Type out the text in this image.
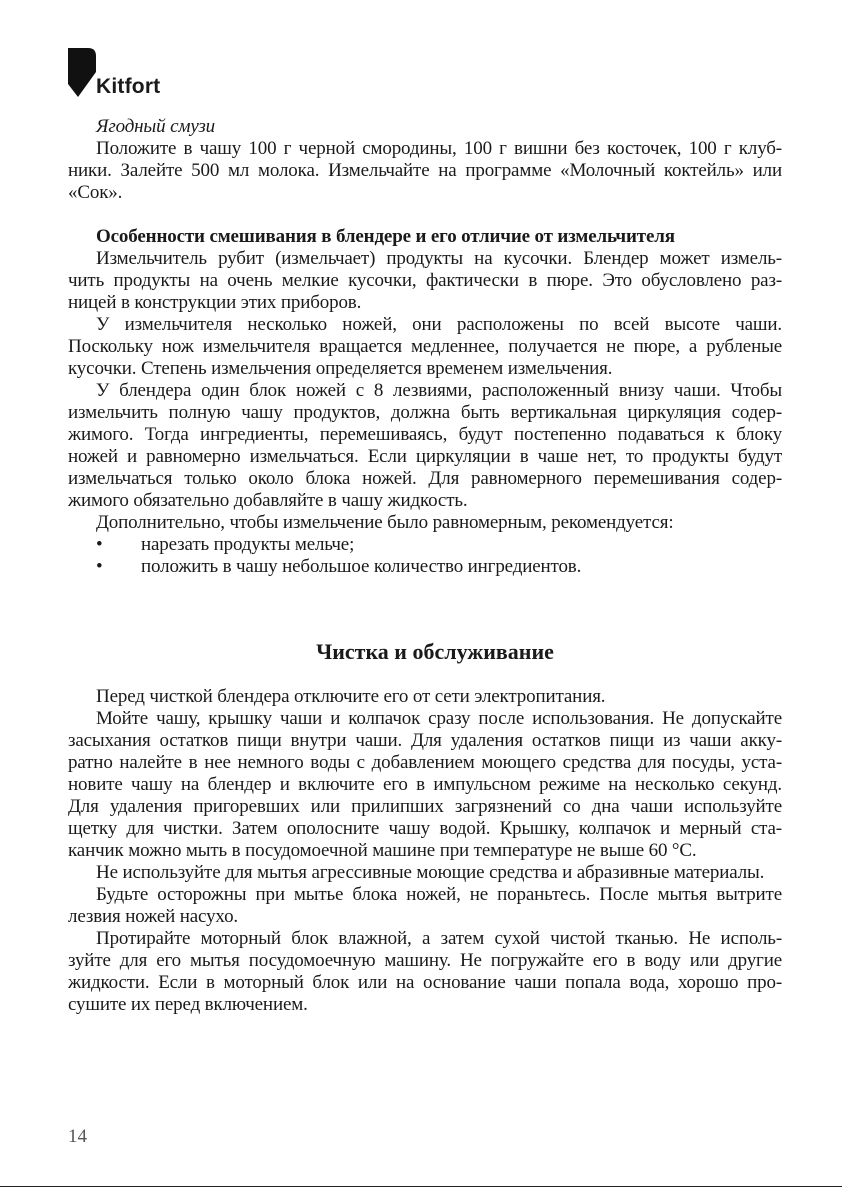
Kitfort
Ягодный смузи
Положите в чашу 100 г черной смородины, 100 г вишни без косточек, 100 г клуб-
ники. Залейте 500 мл молока. Измельчайте на программе «Молочный коктейль» или
«Сок».
Особенности смешивания в блендере и его отличие от измельчителя
Измельчитель рубит (измельчает) продукты на кусочки. Блендер может измель-
чить продукты на очень мелкие кусочки, фактически в пюре. Это обусловлено раз-
ницей в конструкции этих приборов.
У измельчителя несколько ножей, они расположены по всей высоте чаши.
Поскольку нож измельчителя вращается медленнее, получается не пюре, а рубленые
кусочки. Степень измельчения определяется временем измельчения.
У блендера один блок ножей с 8 лезвиями, расположенный внизу чаши. Чтобы
измельчить полную чашу продуктов, должна быть вертикальная циркуляция содер-
жимого. Тогда ингредиенты, перемешиваясь, будут постепенно подаваться к блоку
ножей и равномерно измельчаться. Если циркуляции в чаше нет, то продукты будут
измельчаться только около блока ножей. Для равномерного перемешивания содер-
жимого обязательно добавляйте в чашу жидкость.
Дополнительно, чтобы измельчение было равномерным, рекомендуется:
•	нарезать продукты мельче;
•	положить в чашу небольшое количество ингредиентов.
Чистка и обслуживание
Перед чисткой блендера отключите его от сети электропитания.
Мойте чашу, крышку чаши и колпачок сразу после использования. Не допускайте
засыхания остатков пищи внутри чаши. Для удаления остатков пищи из чаши акку-
ратно налейте в нее немного воды с добавлением моющего средства для посуды, уста-
новите чашу на блендер и включите его в импульсном режиме на несколько секунд.
Для удаления пригоревших или прилипших загрязнений со дна чаши используйте
щетку для чистки. Затем ополосните чашу водой. Крышку, колпачок и мерный ста-
канчик можно мыть в посудомоечной машине при температуре не выше 60 °С.
Не используйте для мытья агрессивные моющие средства и абразивные материалы.
Будьте осторожны при мытье блока ножей, не пораньтесь. После мытья вытрите
лезвия ножей насухо.
Протирайте моторный блок влажной, а затем сухой чистой тканью. Не исполь-
зуйте для его мытья посудомоечную машину. Не погружайте его в воду или другие
жидкости. Если в моторный блок или на основание чаши попала вода, хорошо про-
сушите их перед включением.
14
